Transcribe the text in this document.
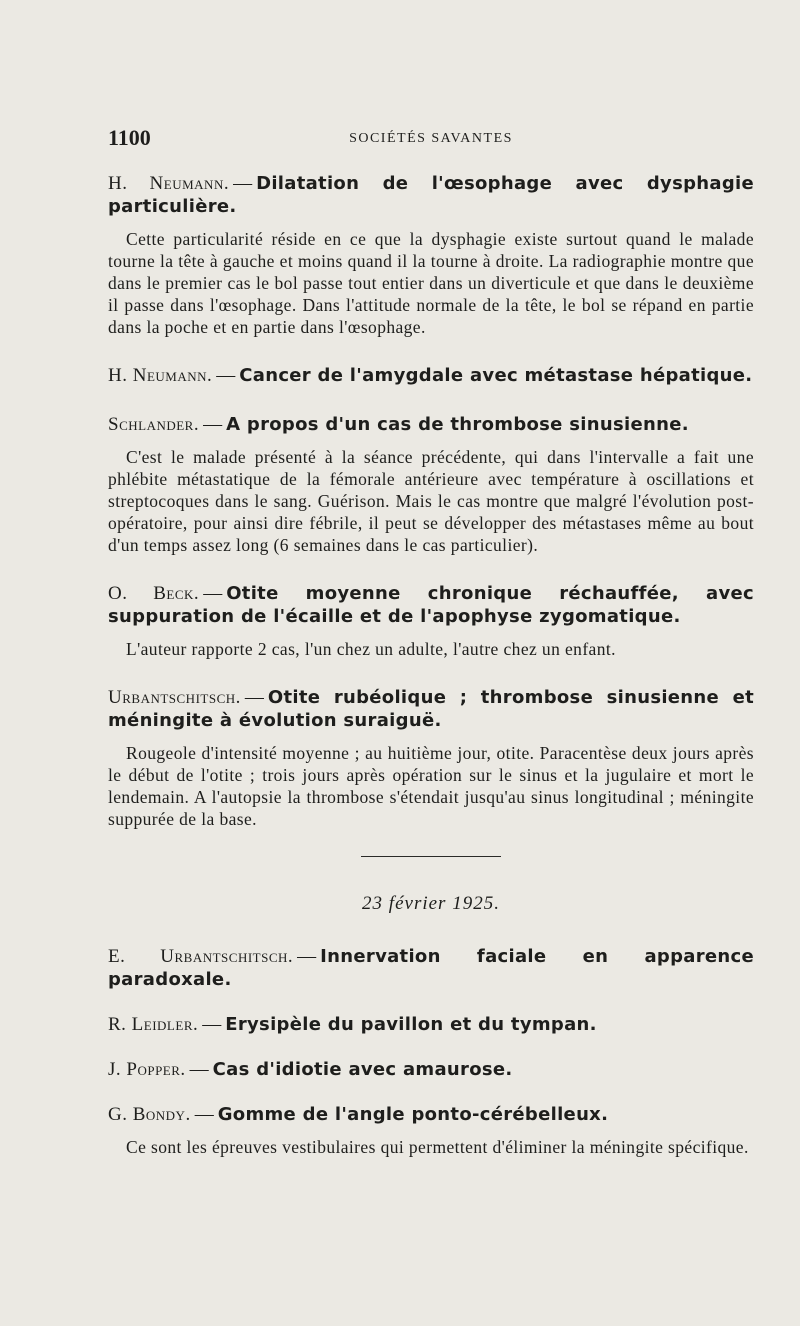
1100	SOCIÉTÉS SAVANTES
H. Neumann. — Dilatation de l'œsophage avec dysphagie particulière.
Cette particularité réside en ce que la dysphagie existe surtout quand le malade tourne la tête à gauche et moins quand il la tourne à droite. La radiographie montre que dans le premier cas le bol passe tout entier dans un diverticule et que dans le deuxième il passe dans l'œsophage. Dans l'attitude normale de la tête, le bol se répand en partie dans la poche et en partie dans l'œsophage.
H. Neumann. — Cancer de l'amygdale avec métastase hépatique.
Schlander. — A propos d'un cas de thrombose sinusienne.
C'est le malade présenté à la séance précédente, qui dans l'intervalle a fait une phlébite métastatique de la fémorale antérieure avec température à oscillations et streptocoques dans le sang. Guérison. Mais le cas montre que malgré l'évolution post-opératoire, pour ainsi dire fébrile, il peut se développer des métastases même au bout d'un temps assez long (6 semaines dans le cas particulier).
O. Beck. — Otite moyenne chronique réchauffée, avec suppuration de l'écaille et de l'apophyse zygomatique.
L'auteur rapporte 2 cas, l'un chez un adulte, l'autre chez un enfant.
Urbantschitsch. — Otite rubéolique ; thrombose sinusienne et méningite à évolution suraiguë.
Rougeole d'intensité moyenne ; au huitième jour, otite. Paracentèse deux jours après le début de l'otite ; trois jours après opération sur le sinus et la jugulaire et mort le lendemain. A l'autopsie la thrombose s'étendait jusqu'au sinus longitudinal ; méningite suppurée de la base.
23 février 1925.
E. Urbantschitsch. — Innervation faciale en apparence paradoxale.
R. Leidler. — Erysipèle du pavillon et du tympan.
J. Popper. — Cas d'idiotie avec amaurose.
G. Bondy. — Gomme de l'angle ponto-cérébelleux.
Ce sont les épreuves vestibulaires qui permettent d'éliminer la méningite spécifique.
